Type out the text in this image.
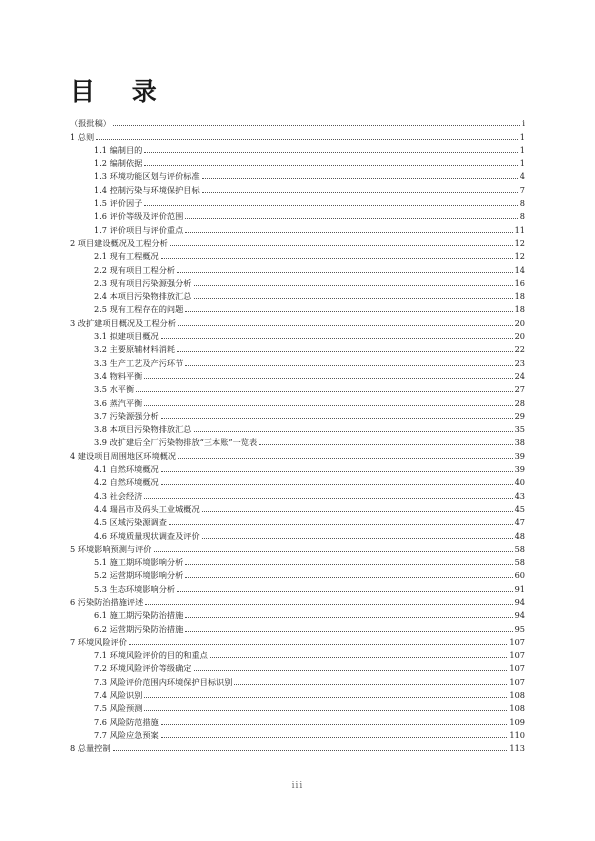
目 录
（报批稿）	i
1 总则	1
1.1 编制目的	1
1.2 编制依据	1
1.3 环境功能区划与评价标准	4
1.4 控制污染与环境保护目标	7
1.5 评价因子	8
1.6 评价等级及评价范围	8
1.7 评价项目与评价重点	11
2 项目建设概况及工程分析	12
2.1 现有工程概况	12
2.2 现有项目工程分析	14
2.3 现有项目污染源强分析	16
2.4 本项目污染物排放汇总	18
2.5 现有工程存在的问题	18
3 改扩建项目概况及工程分析	20
3.1 拟建项目概况	20
3.2 主要原辅材料消耗	22
3.3 生产工艺及产污环节	23
3.4 物料平衡	24
3.5 水平衡	27
3.6 蒸汽平衡	28
3.7 污染源强分析	29
3.8 本项目污染物排放汇总	35
3.9 改扩建后全厂污染物排放“三本账”一览表	38
4 建设项目周围地区环境概况	39
4.1 自然环境概况	39
4.2 自然环境概况	40
4.3 社会经济	43
4.4 瑞昌市及码头工业城概况	45
4.5 区域污染源调查	47
4.6 环境质量现状调查及评价	48
5 环境影响预测与评价	58
5.1 施工期环境影响分析	58
5.2 运营期环境影响分析	60
5.3 生态环境影响分析	91
6 污染防治措施评述	94
6.1 施工期污染防治措施	94
6.2 运营期污染防治措施	95
7 环境风险评价	107
7.1 环境风险评价的目的和重点	107
7.2 环境风险评价等级确定	107
7.3 风险评价范围内环境保护目标识别	107
7.4 风险识别	108
7.5 风险预测	108
7.6 风险防范措施	109
7.7 风险应急预案	110
8 总量控制	113
iii
